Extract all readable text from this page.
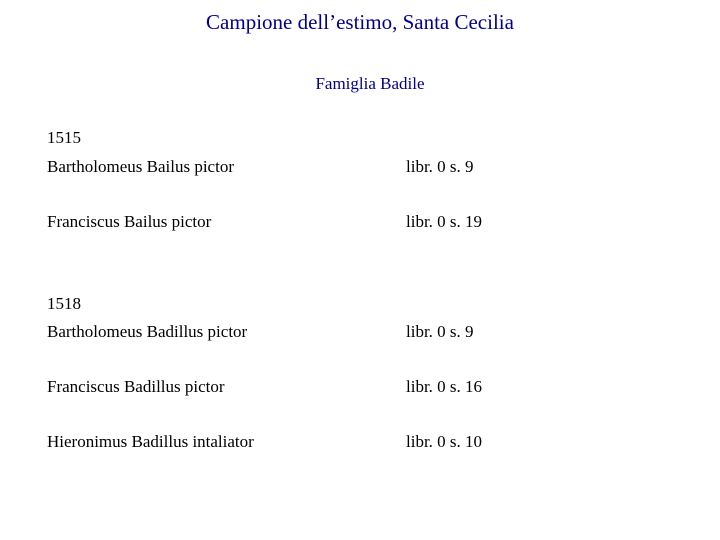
Campione dell’estimo, Santa Cecilia
Famiglia Badile
1515
Bartholomeus Bailus pictor	libr. 0 s. 9
Franciscus Bailus pictor	libr. 0 s. 19
1518
Bartholomeus Badillus pictor	libr. 0 s. 9
Franciscus Badillus pictor	libr. 0 s. 16
Hieronimus Badillus intaliator	libr. 0 s. 10
